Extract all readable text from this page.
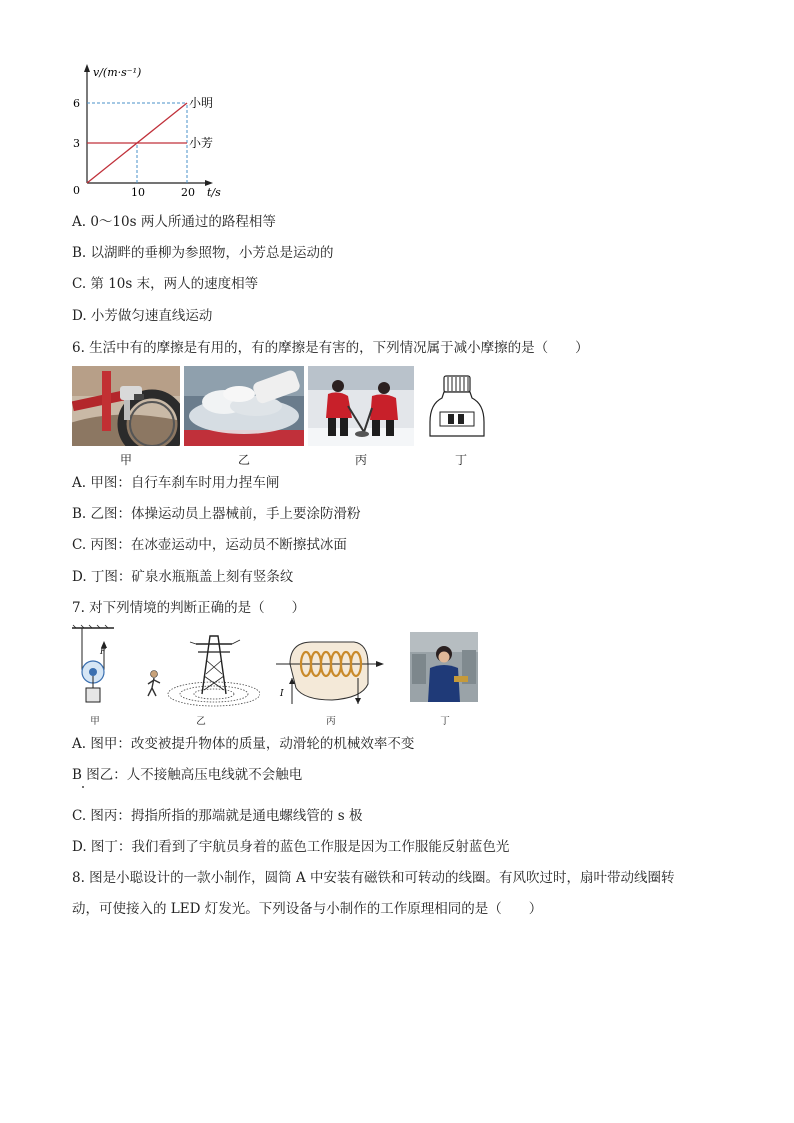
v/(m·s⁻¹)
t/s
0
3
6
10	20
小明
小芳
A. 0～10s 两人所通过的路程相等
B. 以湖畔的垂柳为参照物，小芳总是运动的
C. 第 10s 末，两人的速度相等
D. 小芳做匀速直线运动
6. 生活中有的摩擦是有用的，有的摩擦是有害的，下列情况属于减小摩擦的是（　　）
甲	乙	丙	丁
A. 甲图：自行车刹车时用力捏车闸
B. 乙图：体操运动员上器械前，手上要涂防滑粉
C. 丙图：在冰壶运动中，运动员不断擦拭冰面
D. 丁图：矿泉水瓶瓶盖上刻有竖条纹
7. 对下列情境的判断正确的是（　　）
F
I
甲	乙	丙	丁
A. 图甲：改变被提升物体的质量，动滑轮的机械效率不变
B 图乙：人不接触高压电线就不会触电
C. 图丙：拇指所指的那端就是通电螺线管的 s 极
D. 图丁：我们看到了宇航员身着的蓝色工作服是因为工作服能反射蓝色光
8. 图是小聪设计的一款小制作，圆筒 A 中安装有磁铁和可转动的线圈。有风吹过时，扇叶带动线圈转
动，可使接入的 LED 灯发光。下列设备与小制作的工作原理相同的是（　　）
